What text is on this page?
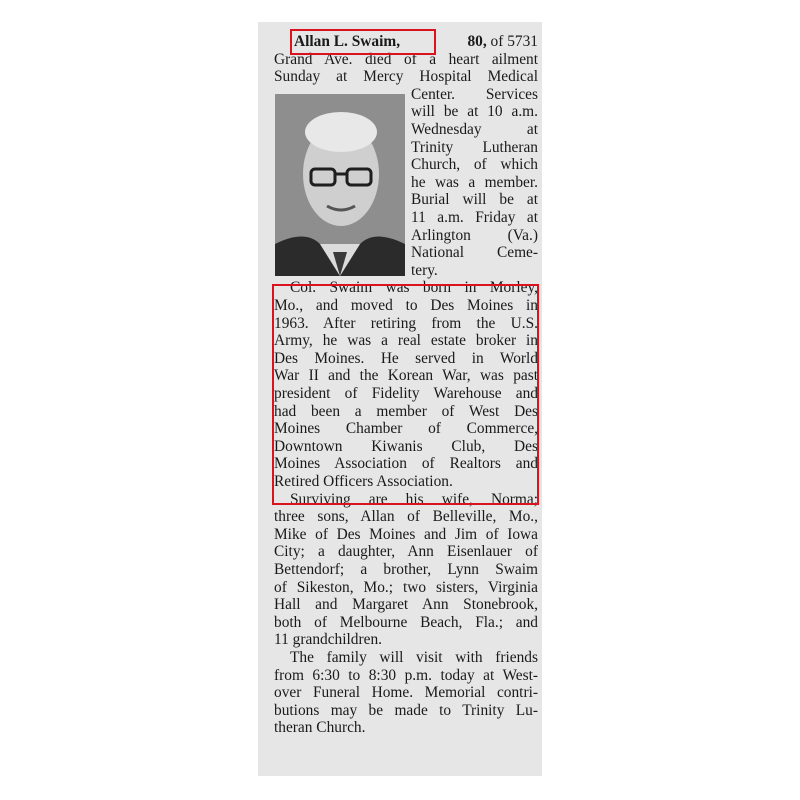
Allan L. Swaim,	80, of 5731
Grand Ave. died of a heart ailment
Sunday at Mercy Hospital Medical
Center. Services
will be at 10 a.m.
Wednesday at
Trinity Lutheran
Church, of which
he was a member.
Burial will be at
11 a.m. Friday at
Arlington (Va.)
National Ceme-
tery.
Col. Swaim was born in Morley,
Mo., and moved to Des Moines in
1963. After retiring from the U.S.
Army, he was a real estate broker in
Des Moines. He served in World
War II and the Korean War, was past
president of Fidelity Warehouse and
had been a member of West Des
Moines Chamber of Commerce,
Downtown Kiwanis Club, Des
Moines Association of Realtors and
Retired Officers Association.
Surviving are his wife, Norma;
three sons, Allan of Belleville, Mo.,
Mike of Des Moines and Jim of Iowa
City; a daughter, Ann Eisenlauer of
Bettendorf; a brother, Lynn Swaim
of Sikeston, Mo.; two sisters, Virginia
Hall and Margaret Ann Stonebrook,
both of Melbourne Beach, Fla.; and
11 grandchildren.
The family will visit with friends
from 6:30 to 8:30 p.m. today at West-
over Funeral Home. Memorial contri-
butions may be made to Trinity Lu-
theran Church.
